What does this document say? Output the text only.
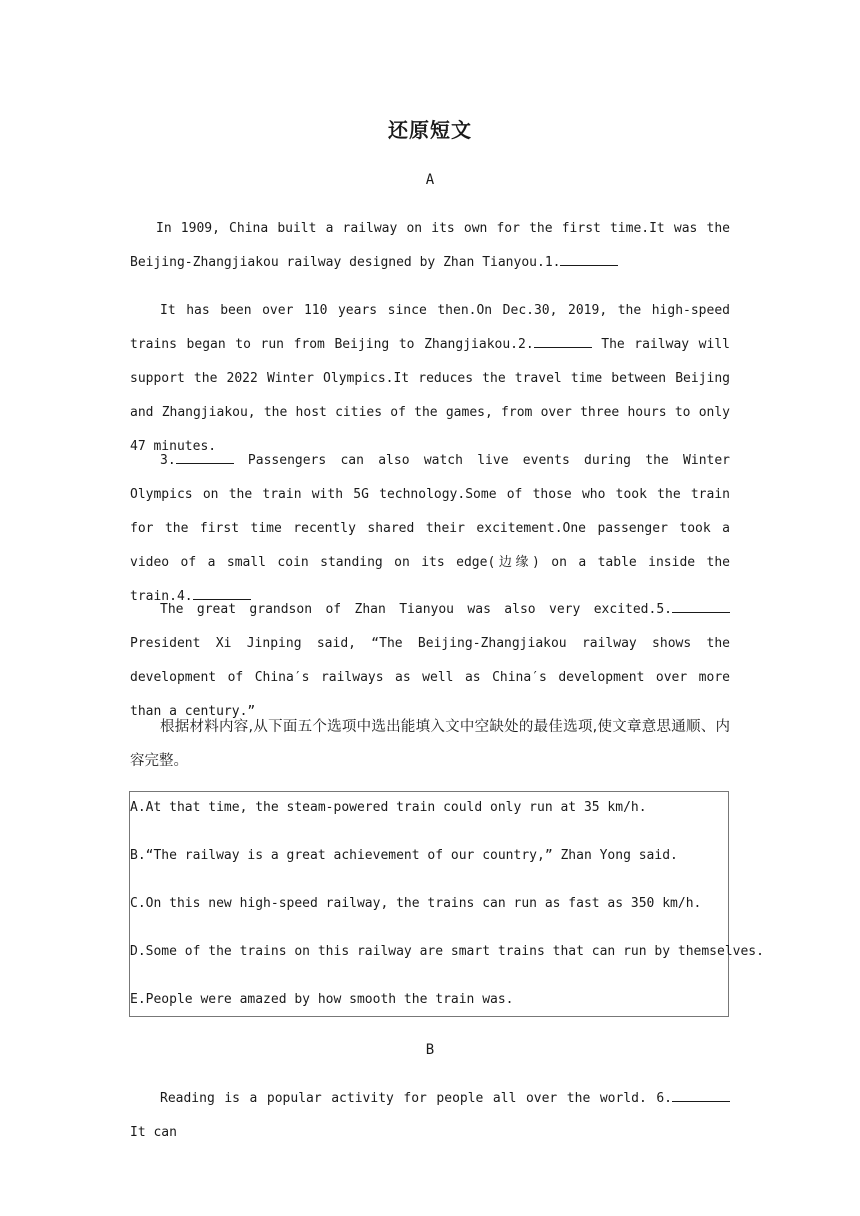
还原短文
A
In 1909, China built a railway on its own for the first time.It was the Beijing-Zhangjiakou railway designed by Zhan Tianyou.1.
It has been over 110 years since then.On Dec.30, 2019, the high-speed trains began to run from Beijing to Zhangjiakou.2.	The railway will support the 2022 Winter Olympics.It reduces the travel time between Beijing and Zhangjiakou, the host cities of the games, from over three hours to only 47 minutes.
3.	Passengers can also watch live events during the Winter Olympics on the train with 5G technology.Some of those who took the train for the first time recently shared their excitement.One passenger took a video of a small coin standing on its edge(边缘) on a table inside the train.4.
The great grandson of Zhan Tianyou was also very excited.5. President Xi Jinping said, “The Beijing-Zhangjiakou railway shows the development of China′s railways as well as China′s development over more than a century.”
根据材料内容,从下面五个选项中选出能填入文中空缺处的最佳选项,使文章意思通顺、内容完整。
A.At that time, the steam-powered train could only run at 35 km/h.
B.“The railway is a great achievement of our country,” Zhan Yong said.
C.On this new high-speed railway, the trains can run as fast as 350 km/h.
D.Some of the trains on this railway are smart trains that can run by themselves.
E.People were amazed by how smooth the train was.
B
Reading is a popular activity for people all over the world. 6. It can
